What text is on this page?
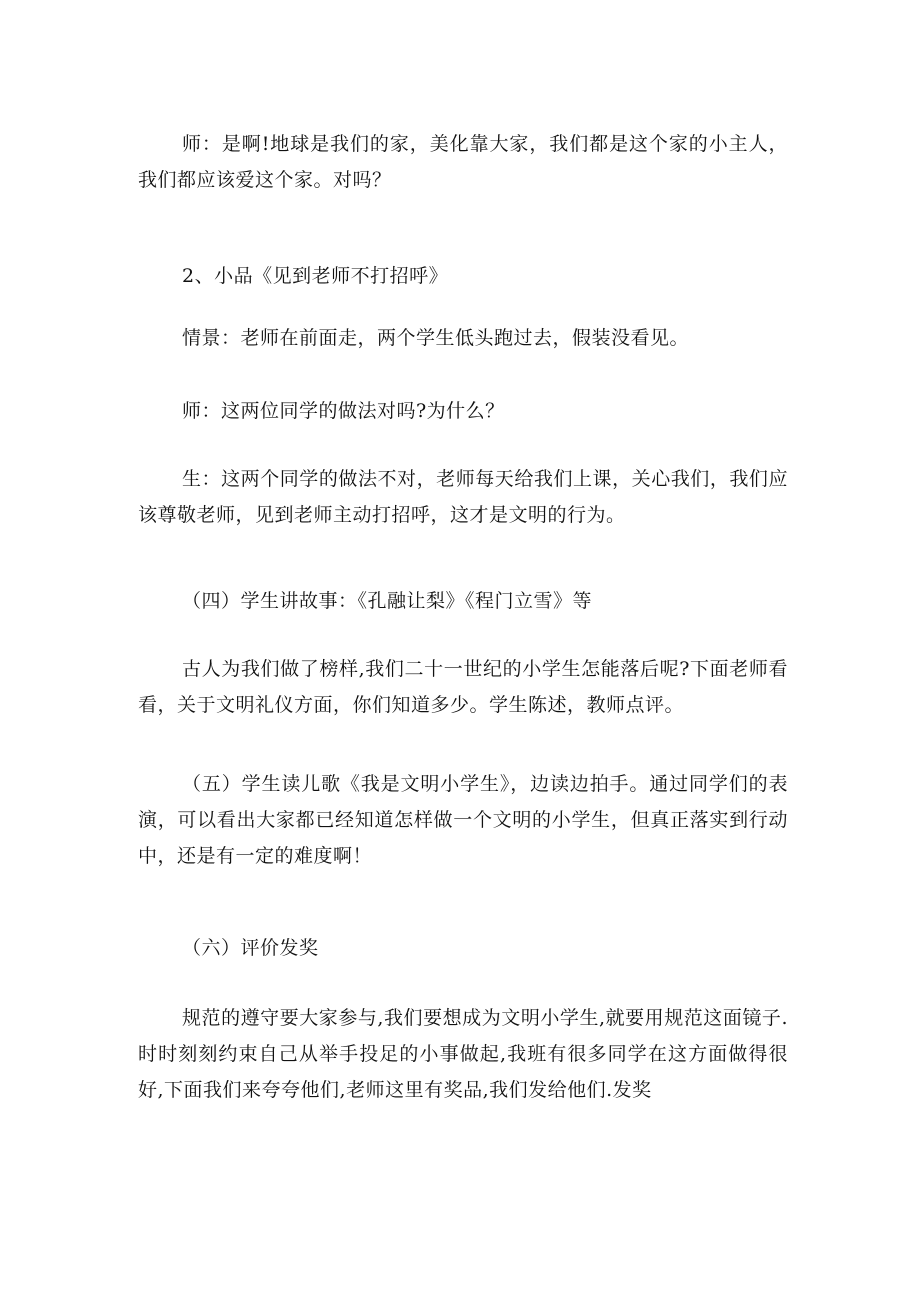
师：是啊!地球是我们的家，美化靠大家，我们都是这个家的小主人，我们都应该爱这个家。对吗？

2、小品《见到老师不打招呼》

情景：老师在前面走，两个学生低头跑过去，假装没看见。

师：这两位同学的做法对吗?为什么？

生：这两个同学的做法不对，老师每天给我们上课，关心我们，我们应该尊敬老师，见到老师主动打招呼，这才是文明的行为。

（四）学生讲故事：《孔融让梨》《程门立雪》等

古人为我们做了榜样,我们二十一世纪的小学生怎能落后呢?下面老师看看，关于文明礼仪方面，你们知道多少。学生陈述，教师点评。

（五）学生读儿歌《我是文明小学生》，边读边拍手。通过同学们的表演，可以看出大家都已经知道怎样做一个文明的小学生，但真正落实到行动中，还是有一定的难度啊！

（六）评价发奖

规范的遵守要大家参与,我们要想成为文明小学生,就要用规范这面镜子.时时刻刻约束自己从举手投足的小事做起,我班有很多同学在这方面做得很好,下面我们来夸夸他们,老师这里有奖品,我们发给他们.发奖
